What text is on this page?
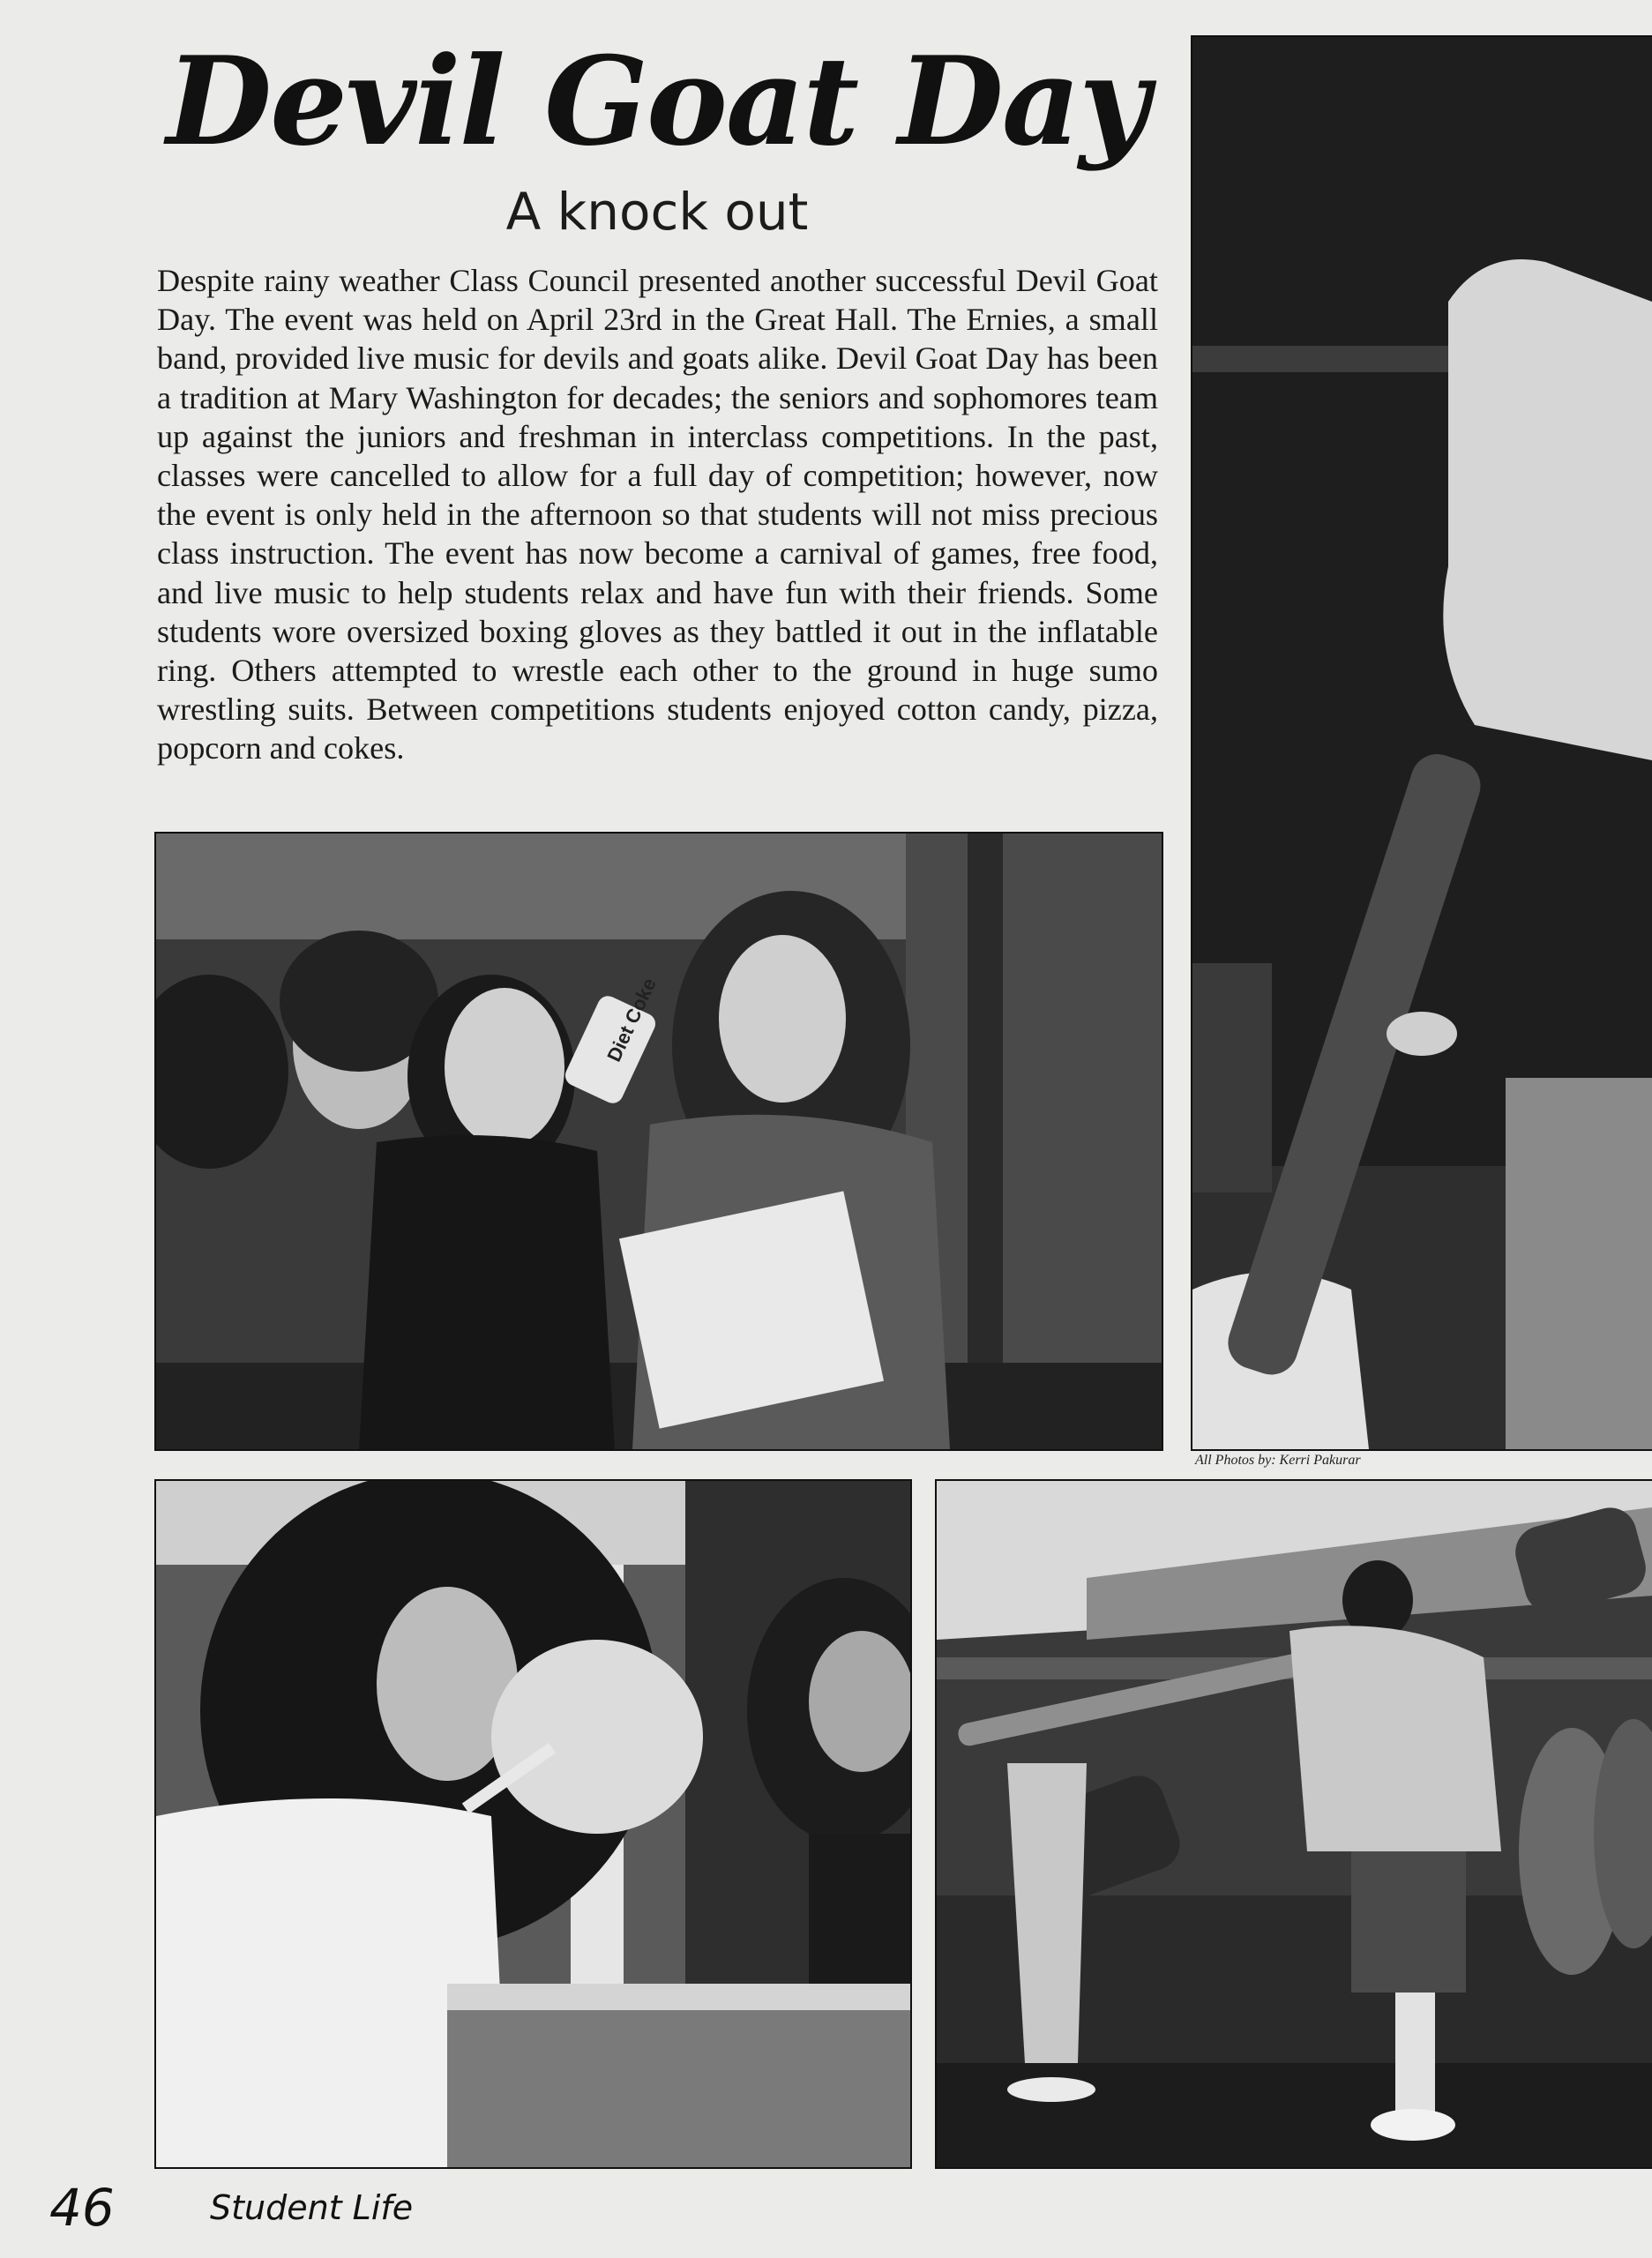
Devil Goat Day
A knock out
Despite rainy weather Class Council presented another successful Devil Goat Day. The event was held on April 23rd in the Great Hall. The Ernies, a small band, provided live music for devils and goats alike. Devil Goat Day has been a tradition at Mary Washington for decades; the seniors and sophomores team up against the juniors and freshman in interclass competitions. In the past, classes were cancelled to allow for a full day of competition; however, now the event is only held in the afternoon so that students will not miss precious class instruction. The event has now become a carnival of games, free food, and live music to help students relax and have fun with their friends. Some students wore oversized boxing gloves as they battled it out in the inflatable ring. Others attempted to wrestle each other to the ground in huge sumo wrestling suits. Between competitions students enjoyed cotton candy, pizza, popcorn and cokes.
Diet Coke
All Photos by: Kerri Pakurar
46	Student Life
